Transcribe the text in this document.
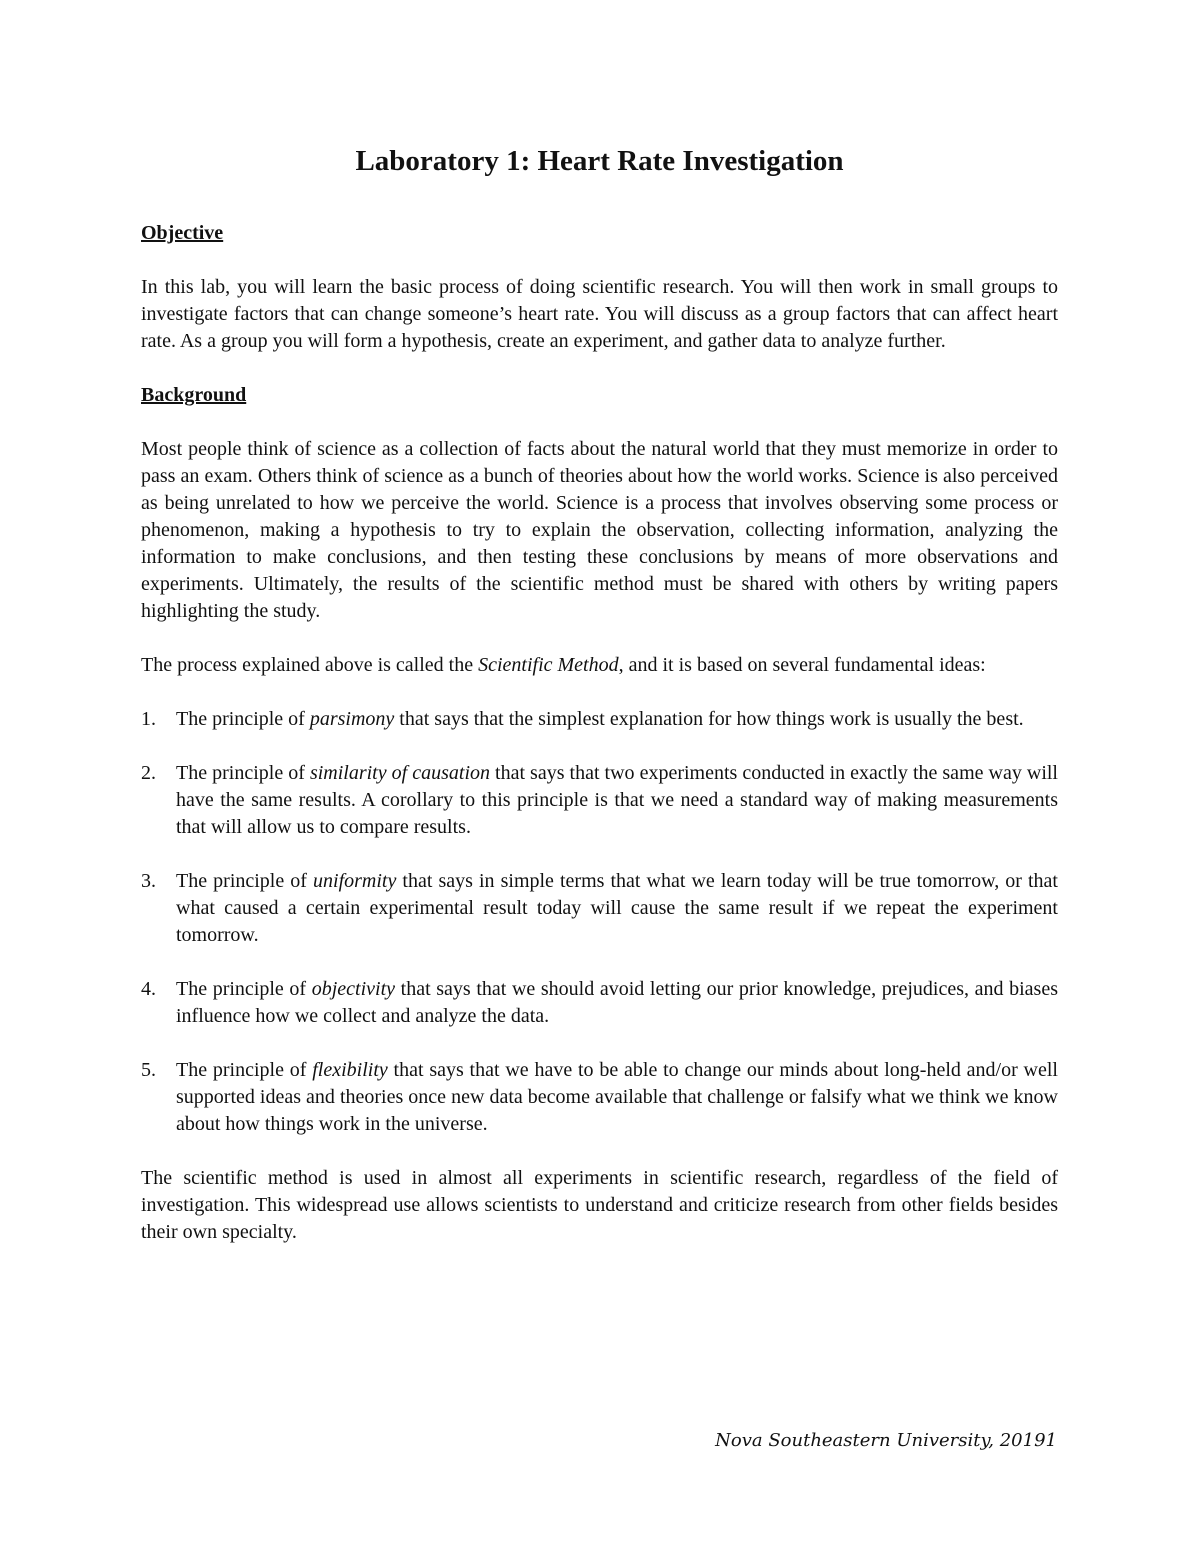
Laboratory 1: Heart Rate Investigation
Objective

In this lab, you will learn the basic process of doing scientific research. You will then work in small groups to investigate factors that can change someone’s heart rate. You will discuss as a group factors that can affect heart rate. As a group you will form a hypothesis, create an experiment, and gather data to analyze further.

Background

Most people think of science as a collection of facts about the natural world that they must memorize in order to pass an exam. Others think of science as a bunch of theories about how the world works. Science is also perceived as being unrelated to how we perceive the world. Science is a process that involves observing some process or phenomenon, making a hypothesis to try to explain the observation, collecting information, analyzing the information to make conclusions, and then testing these conclusions by means of more observations and experiments. Ultimately, the results of the scientific method must be shared with others by writing papers highlighting the study.

The process explained above is called the Scientific Method, and it is based on several fundamental ideas:

1. The principle of parsimony that says that the simplest explanation for how things work is usually the best.
2. The principle of similarity of causation that says that two experiments conducted in exactly the same way will have the same results. A corollary to this principle is that we need a standard way of making measurements that will allow us to compare results.
3. The principle of uniformity that says in simple terms that what we learn today will be true tomorrow, or that what caused a certain experimental result today will cause the same result if we repeat the experiment tomorrow.
4. The principle of objectivity that says that we should avoid letting our prior knowledge, prejudices, and biases influence how we collect and analyze the data.
5. The principle of flexibility that says that we have to be able to change our minds about long-held and/or well supported ideas and theories once new data become available that challenge or falsify what we think we know about how things work in the universe.

The scientific method is used in almost all experiments in scientific research, regardless of the field of investigation. This widespread use allows scientists to understand and criticize research from other fields besides their own specialty.

Nova Southeastern University, 20191
